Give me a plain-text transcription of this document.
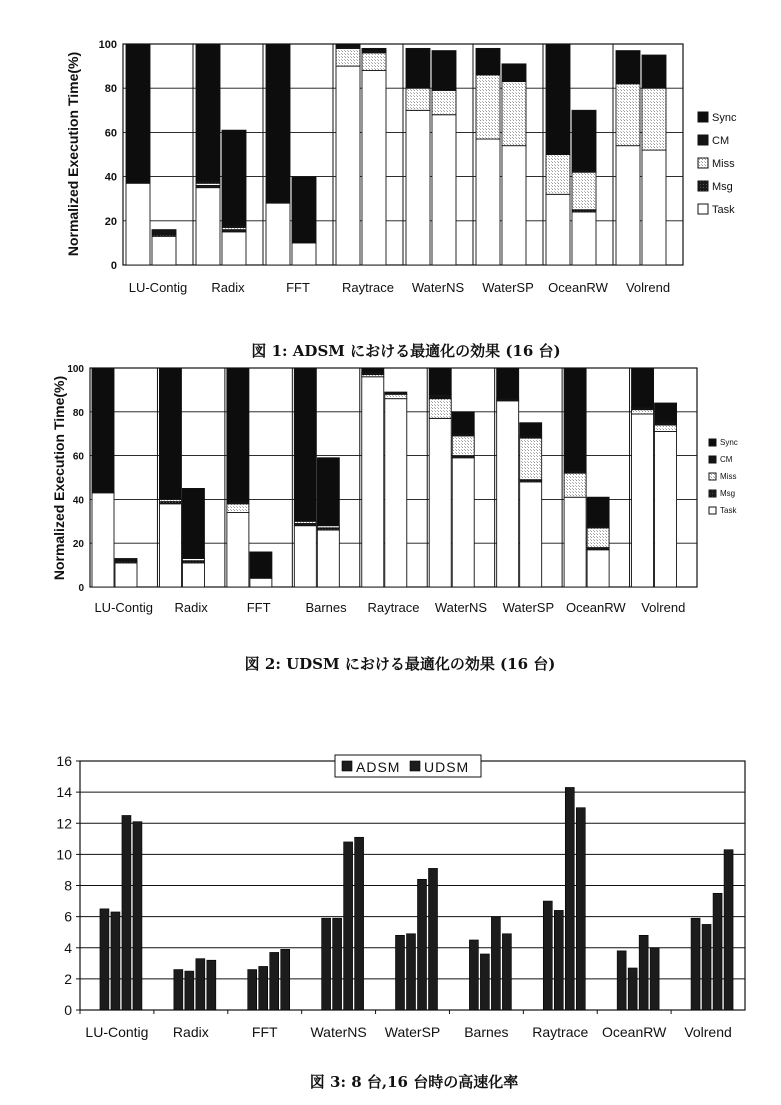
0
20
40
60
80
100
LU-Contig Radix	FFT Raytrace WaterNS WaterSP OceanRW Volrend
Sync
CM
Miss
Msg
Task
Normalized Execution Time(%)
図 1: ADSM における最適化の効果 (16 台)
0
20
40
60
80
100
LU-Contig Radix	FFT	Barnes Raytrace WaterNS WaterSP OceanRW Volrend
Sync
CM
Miss
Msg
Task
Normalized Execution Time(%)
図 2: UDSM における最適化の効果 (16 台)
0
2
4
6
8
10
12
14
16
LU-Contig Radix	FFT WaterNS WaterSP Barnes Raytrace OceanRW Volrend
ADSM UDSM
図 3: 8 台,16 台時の高速化率
